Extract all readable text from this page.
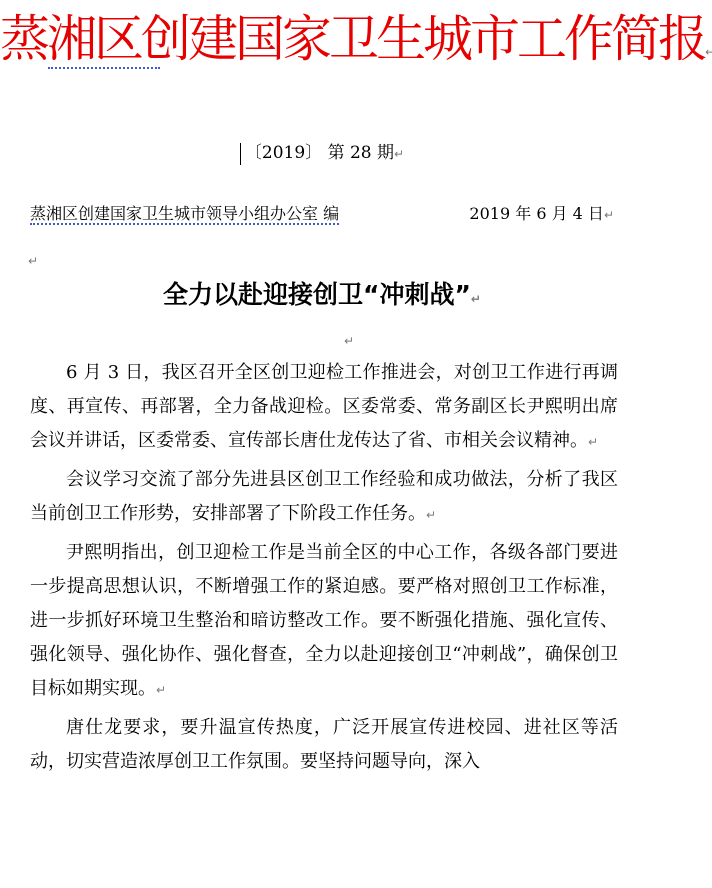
蒸湘区创建国家卫生城市工作简报↵
〔2019〕 第 28 期↵
蒸湘区创建国家卫生城市领导小组办公室 编	2019 年 6 月 4 日↵
↵
全力以赴迎接创卫“冲刺战”↵
↵

6 月 3 日，我区召开全区创卫迎检工作推进会，对创卫工作进行再调度、再宣传、再部署，全力备战迎检。区委常委、常务副区长尹熙明出席会议并讲话，区委常委、宣传部长唐仕龙传达了省、市相关会议精神。↵

会议学习交流了部分先进县区创卫工作经验和成功做法，分析了我区当前创卫工作形势，安排部署了下阶段工作任务。↵

尹熙明指出，创卫迎检工作是当前全区的中心工作，各级各部门要进一步提高思想认识，不断增强工作的紧迫感。要严格对照创卫工作标准，进一步抓好环境卫生整治和暗访整改工作。要不断强化措施、强化宣传、强化领导、强化协作、强化督查，全力以赴迎接创卫“冲刺战”，确保创卫目标如期实现。↵

唐仕龙要求，要升温宣传热度，广泛开展宣传进校园、进社区等活动，切实营造浓厚创卫工作氛围。要坚持问题导向，深入
